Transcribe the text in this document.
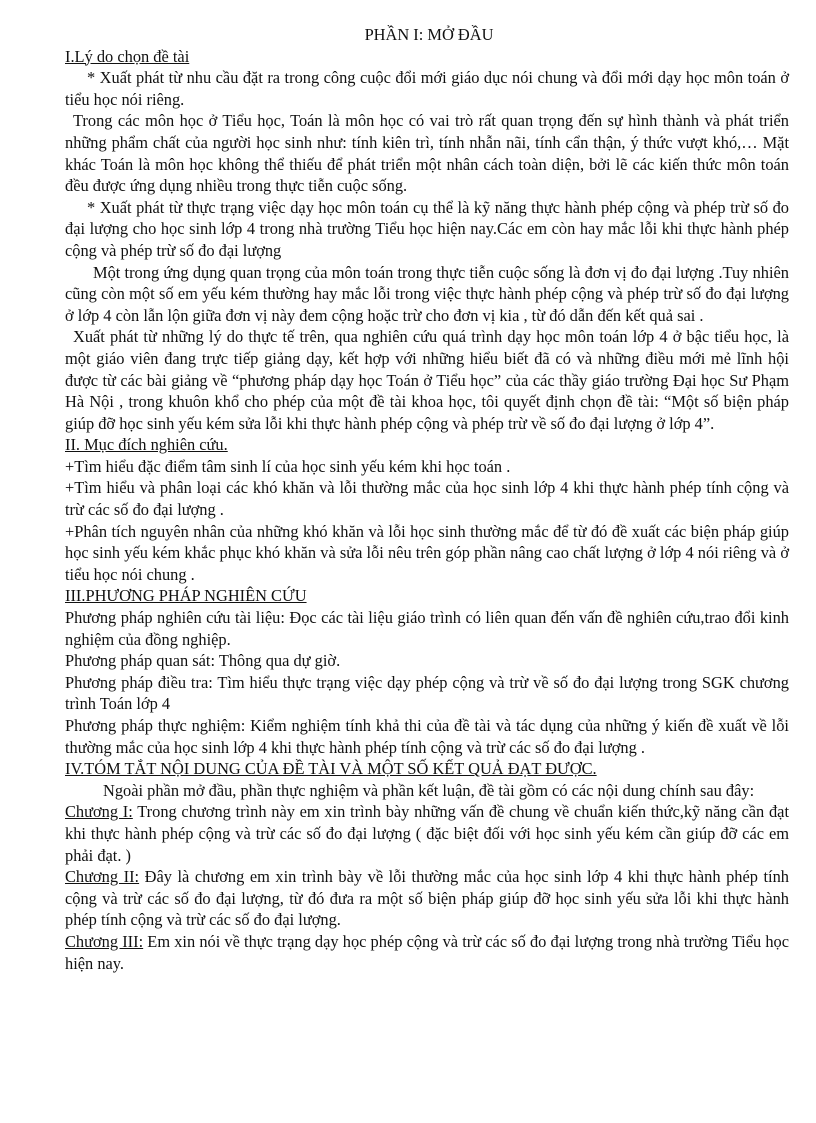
PHẦN I: MỞ ĐẦU

I.Lý do chọn đề tài

* Xuất phát từ nhu cầu đặt ra trong công cuộc đổi mới giáo dục nói chung và đổi mới dạy học môn toán ở tiểu học nói riêng.

Trong các môn học ở Tiểu học, Toán là môn học có vai trò rất quan trọng đến sự hình thành và phát triển những phẩm chất của người học sinh như: tính kiên trì, tính nhẫn nãi, tính cẩn thận, ý thức vượt khó,… Mặt khác Toán là môn học không thể thiếu để phát triển một nhân cách toàn diện, bởi lẽ các kiến thức môn toán đều được ứng dụng nhiều trong thực tiễn cuộc sống.

* Xuất phát từ thực trạng việc dạy học môn toán cụ thể là kỹ năng thực hành phép cộng và phép trừ số đo đại lượng cho học sinh lớp 4 trong nhà trường Tiểu học hiện nay.Các em còn hay mắc lỗi khi thực hành phép cộng và phép trừ số đo đại lượng

Một trong ứng dụng quan trọng của môn toán trong thực tiễn cuộc sống là đơn vị đo đại lượng .Tuy nhiên cũng còn một số em yếu kém thường hay mắc lỗi trong việc thực hành phép cộng và phép trừ số đo đại lượng ở lớp 4 còn lẫn lộn giữa đơn vị này đem cộng hoặc trừ cho đơn vị kia , từ đó dẫn đến kết quả sai .

Xuất phát từ những lý do thực tế trên, qua nghiên cứu quá trình dạy học môn toán lớp 4 ở bậc tiểu học, là một giáo viên đang trực tiếp giảng dạy, kết hợp với những hiểu biết đã có và những điều mới mẻ lĩnh hội được từ các bài giảng về “phương pháp dạy học Toán ở Tiểu học” của các thầy giáo trường Đại học Sư Phạm Hà Nội , trong khuôn khổ cho phép của một đề tài khoa học, tôi quyết định chọn đề tài: “Một số biện pháp giúp đỡ học sinh yếu kém sửa lỗi khi thực hành phép cộng và phép trừ về số đo đại lượng ở lớp 4”.

II. Mục đích nghiên cứu.

+Tìm hiểu đặc điểm tâm sinh lí của học sinh yếu kém khi học toán .

+Tìm hiểu và phân loại các khó khăn và lỗi thường mắc của học sinh lớp 4 khi thực hành phép tính cộng và trừ các số đo đại lượng .

+Phân tích nguyên nhân của những khó khăn và lỗi học sinh thường mắc để từ đó đề xuất các biện pháp giúp học sinh yếu kém khắc phục khó khăn và sửa lỗi nêu trên góp phần nâng cao chất lượng ở lớp 4 nói riêng và ở tiểu học nói chung .

III.PHƯƠNG PHÁP NGHIÊN CỨU

Phương pháp nghiên cứu tài liệu: Đọc các tài liệu giáo trình có liên quan đến vấn đề nghiên cứu,trao đổi kinh nghiệm của đồng nghiệp.

Phương pháp quan sát: Thông qua dự giờ.

Phương pháp điều tra: Tìm hiểu thực trạng việc dạy phép cộng và trừ về số đo đại lượng trong SGK chương trình Toán lớp 4

Phương pháp thực nghiệm: Kiểm nghiệm tính khả thi của đề tài và tác dụng của những ý kiến đề xuất về lỗi thường mắc của học sinh lớp 4 khi thực hành phép tính cộng và trừ các số đo đại lượng .

IV.TÓM TẮT NỘI DUNG CỦA ĐỀ TÀI VÀ MỘT SỐ KẾT QUẢ ĐẠT ĐƯỢC.

Ngoài phần mở đầu, phần thực nghiệm và phần kết luận, đề tài gồm có các nội dung chính sau đây:

Chương I: Trong chương trình này em xin trình bày những vấn đề chung về chuẩn kiến thức,kỹ năng cần đạt khi thực hành phép cộng và trừ các số đo đại lượng ( đặc biệt đối với học sinh yếu kém cần giúp đỡ các em phải đạt. )

Chương II: Đây là chương em xin trình bày về lỗi thường mắc của học sinh lớp 4 khi thực hành phép tính cộng và trừ các số đo đại lượng, từ đó đưa ra một số biện pháp giúp đỡ học sinh yếu sửa lỗi khi thực hành phép tính cộng và trừ các số đo đại lượng.

Chương III: Em xin nói về thực trạng dạy học phép cộng và trừ các số đo đại lượng trong nhà trường Tiểu học hiện nay.
